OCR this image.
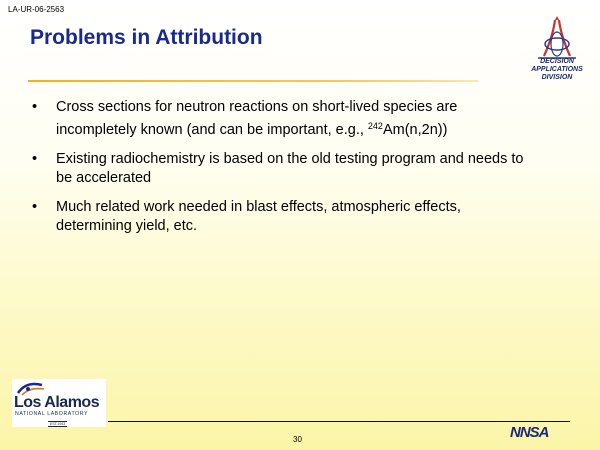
LA-UR-06-2563
Problems in Attribution
DECISION
APPLICATIONS
DIVISION
• Cross sections for neutron reactions on short-lived species are incompletely known (and can be important, e.g., $^{242}$Am(n,2n))
• Existing radiochemistry is based on the old testing program and needs to be accelerated
• Much related work needed in blast effects, atmospheric effects, determining yield, etc.
Los Alamos
NATIONAL LABORATORY
EST.1943
30	NNSA
